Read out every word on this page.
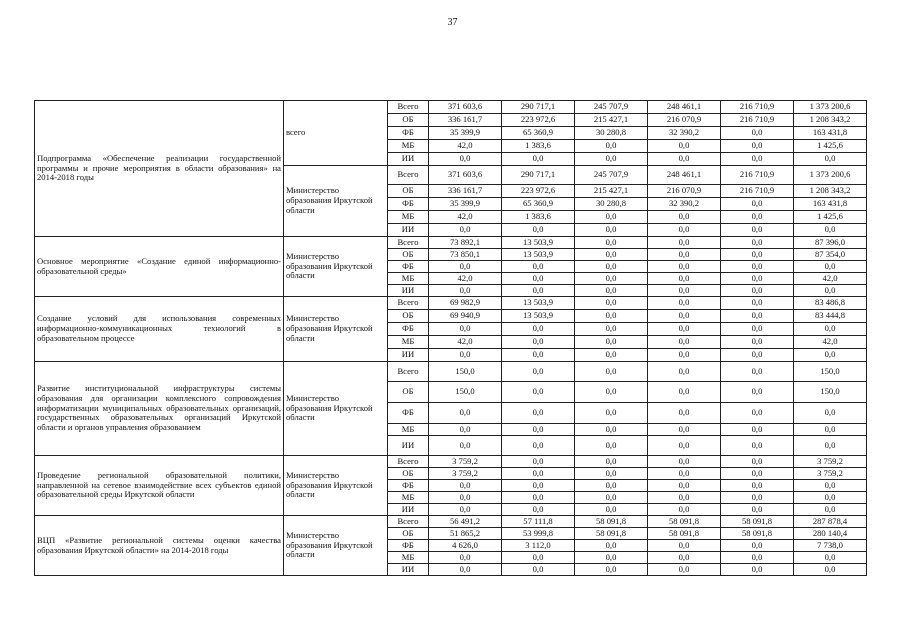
37
Подпрограмма «Обеспечение реализации государственной программы и прочие мероприятия в области образования» на 2014-2018 годы	всего	Всего	371 603,6	290 717,1	245 707,9	248 461,1	216 710,9	1 373 200,6
		ОБ	336 161,7	223 972,6	215 427,1	216 070,9	216 710,9	1 208 343,2
		ФБ	35 399,9	65 360,9	30 280,8	32 390,2	0,0	163 431,8
		МБ	42,0	1 383,6	0,0	0,0	0,0	1 425,6
		ИИ	0,0	0,0	0,0	0,0	0,0	0,0
	Министерство образования Иркутской области	Всего	371 603,6	290 717,1	245 707,9	248 461,1	216 710,9	1 373 200,6
		ОБ	336 161,7	223 972,6	215 427,1	216 070,9	216 710,9	1 208 343,2
		ФБ	35 399,9	65 360,9	30 280,8	32 390,2	0,0	163 431,8
		МБ	42,0	1 383,6	0,0	0,0	0,0	1 425,6
		ИИ	0,0	0,0	0,0	0,0	0,0	0,0
Основное мероприятие «Создание единой информационно-образовательной среды»	Министерство образования Иркутской области	Всего	73 892,1	13 503,9	0,0	0,0	0,0	87 396,0
		ОБ	73 850,1	13 503,9	0,0	0,0	0,0	87 354,0
		ФБ	0,0	0,0	0,0	0,0	0,0	0,0
		МБ	42,0	0,0	0,0	0,0	0,0	42,0
		ИИ	0,0	0,0	0,0	0,0	0,0	0,0
Создание условий для использования современных информационно-коммуникационных технологий в образовательном процессе	Министерство образования Иркутской области	Всего	69 982,9	13 503,9	0,0	0,0	0,0	83 486,8
		ОБ	69 940,9	13 503,9	0,0	0,0	0,0	83 444,8
		ФБ	0,0	0,0	0,0	0,0	0,0	0,0
		МБ	42,0	0,0	0,0	0,0	0,0	42,0
		ИИ	0,0	0,0	0,0	0,0	0,0	0,0
Развитие институциональной инфраструктуры системы образования для организации комплексного сопровождения информатизации муниципальных образовательных организаций, государственных образовательных организаций Иркутской области и органов управления образованием	Министерство образования Иркутской области	Всего	150,0	0,0	0,0	0,0	0,0	150,0
		ОБ	150,0	0,0	0,0	0,0	0,0	150,0
		ФБ	0,0	0,0	0,0	0,0	0,0	0,0
		МБ	0,0	0,0	0,0	0,0	0,0	0,0
		ИИ	0,0	0,0	0,0	0,0	0,0	0,0
Проведение региональной образовательной политики, направленной на сетевое взаимодействие всех субъектов единой образовательной среды Иркутской области	Министерство образования Иркутской области	Всего	3 759,2	0,0	0,0	0,0	0,0	3 759,2
		ОБ	3 759,2	0,0	0,0	0,0	0,0	3 759,2
		ФБ	0,0	0,0	0,0	0,0	0,0	0,0
		МБ	0,0	0,0	0,0	0,0	0,0	0,0
		ИИ	0,0	0,0	0,0	0,0	0,0	0,0
ВЦП «Развитие региональной системы оценки качества образования Иркутской области» на 2014-2018 годы	Министерство образования Иркутской области	Всего	56 491,2	57 111,8	58 091,8	58 091,8	58 091,8	287 878,4
		ОБ	51 865,2	53 999,8	58 091,8	58 091,8	58 091,8	280 140,4
		ФБ	4 626,0	3 112,0	0,0	0,0	0,0	7 738,0
		МБ	0,0	0,0	0,0	0,0	0,0	0,0
		ИИ	0,0	0,0	0,0	0,0	0,0	0,0
